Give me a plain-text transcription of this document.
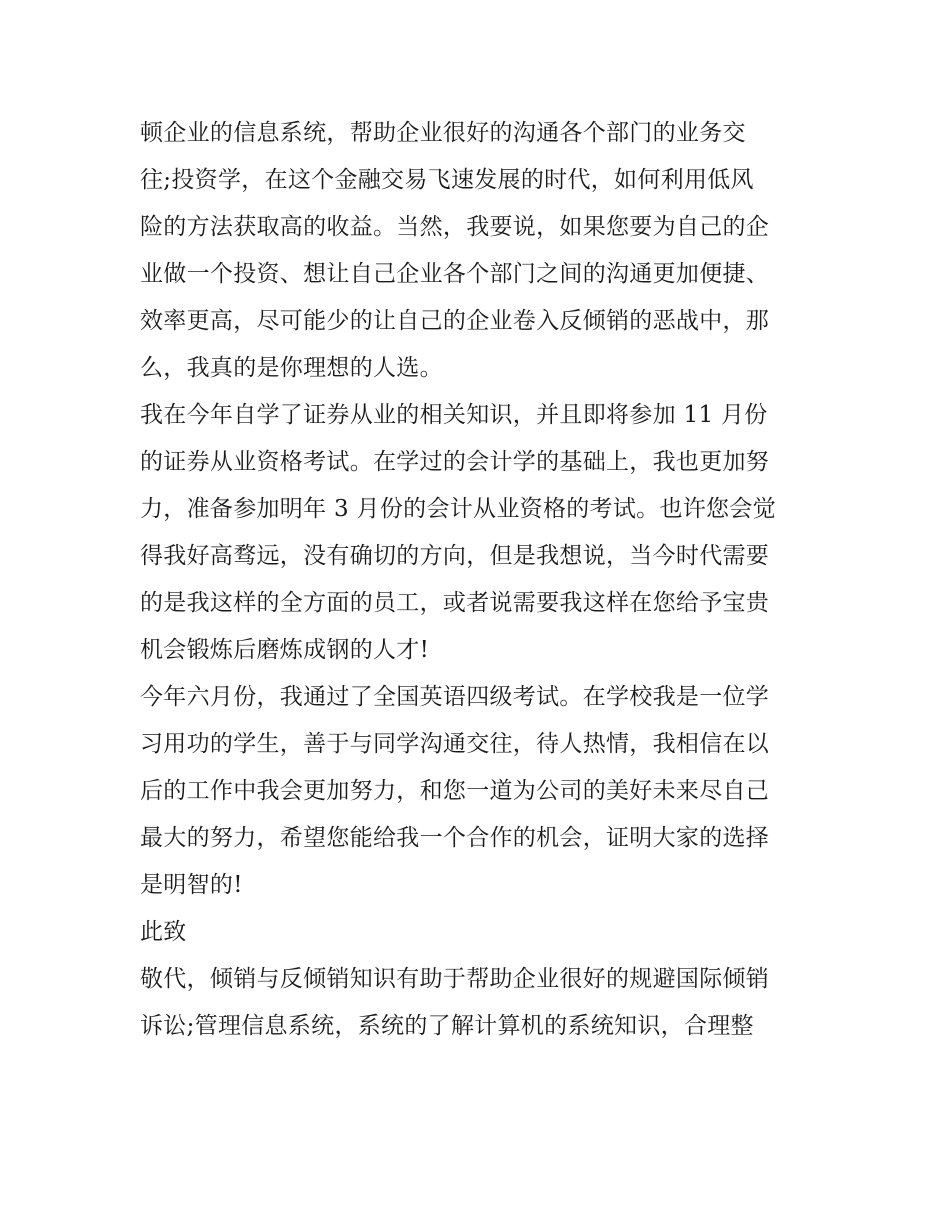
顿企业的信息系统，帮助企业很好的沟通各个部门的业务交
往;投资学，在这个金融交易飞速发展的时代，如何利用低风
险的方法获取高的收益。当然，我要说，如果您要为自己的企
业做一个投资、想让自己企业各个部门之间的沟通更加便捷、
效率更高，尽可能少的让自己的企业卷入反倾销的恶战中，那
么，我真的是你理想的人选。
我在今年自学了证券从业的相关知识，并且即将参加 11 月份
的证券从业资格考试。在学过的会计学的基础上，我也更加努
力，准备参加明年 3 月份的会计从业资格的考试。也许您会觉
得我好高骛远，没有确切的方向，但是我想说，当今时代需要
的是我这样的全方面的员工，或者说需要我这样在您给予宝贵
机会锻炼后磨炼成钢的人才!
今年六月份，我通过了全国英语四级考试。在学校我是一位学
习用功的学生，善于与同学沟通交往，待人热情，我相信在以
后的工作中我会更加努力，和您一道为公司的美好未来尽自己
最大的努力，希望您能给我一个合作的机会，证明大家的选择
是明智的!
此致
敬代，倾销与反倾销知识有助于帮助企业很好的规避国际倾销
诉讼;管理信息系统，系统的了解计算机的系统知识，合理整
